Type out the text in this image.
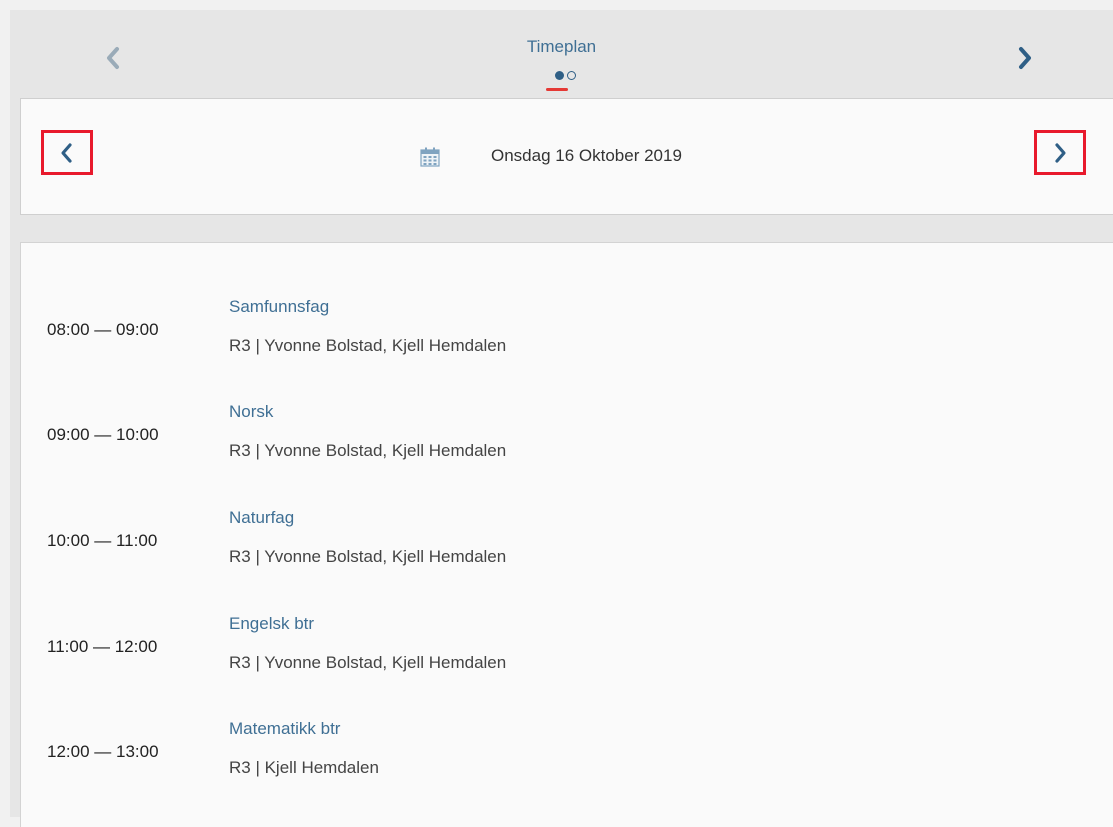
Timeplan
Onsdag 16 Oktober 2019
08:00 — 09:00
Samfunnsfag
R3 | Yvonne Bolstad, Kjell Hemdalen
09:00 — 10:00
Norsk
R3 | Yvonne Bolstad, Kjell Hemdalen
10:00 — 11:00
Naturfag
R3 | Yvonne Bolstad, Kjell Hemdalen
11:00 — 12:00
Engelsk btr
R3 | Yvonne Bolstad, Kjell Hemdalen
12:00 — 13:00
Matematikk btr
R3 | Kjell Hemdalen
